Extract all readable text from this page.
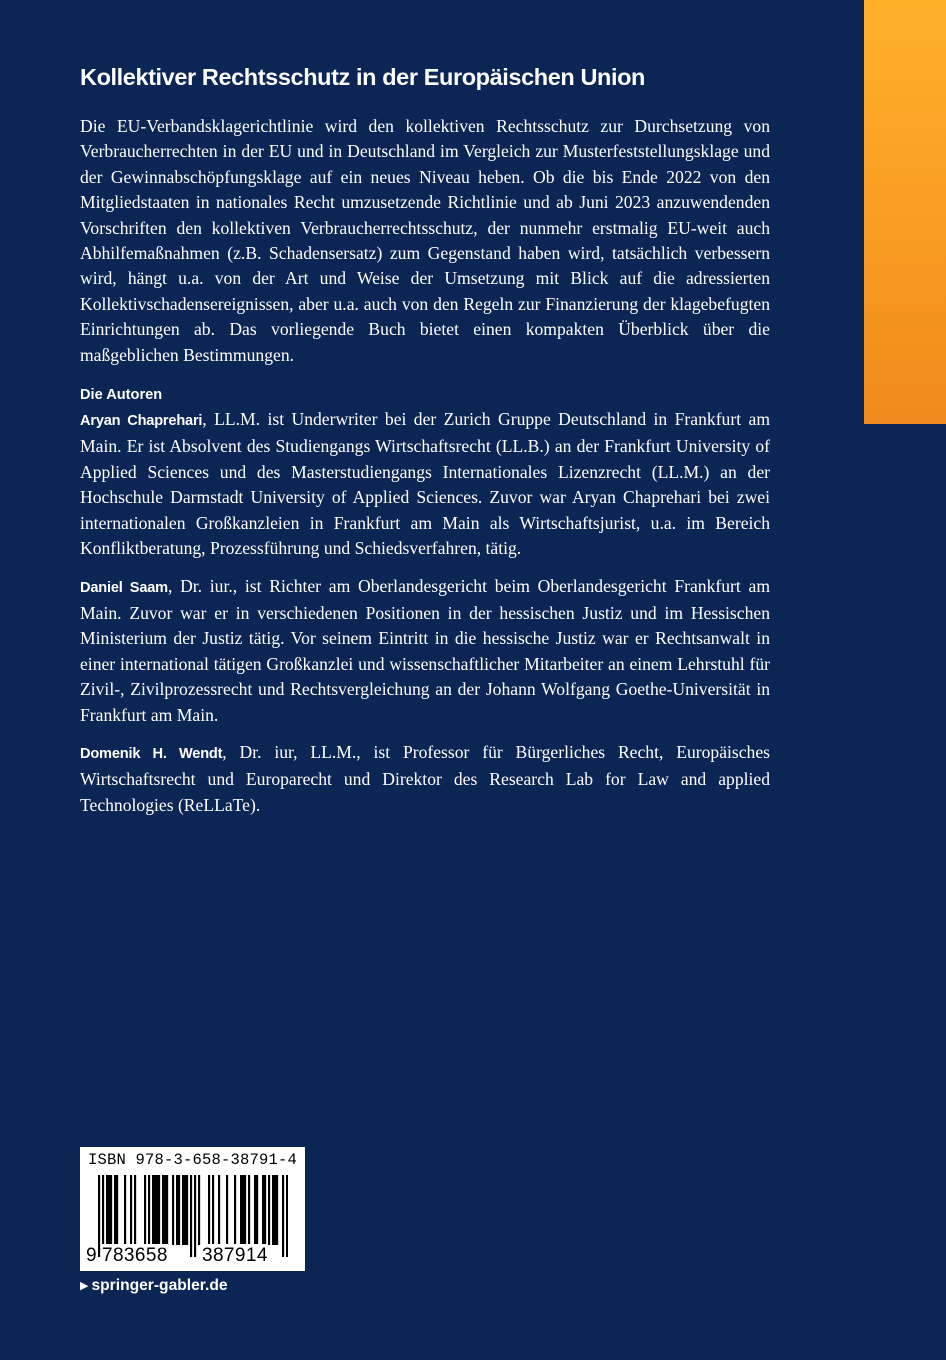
Kollektiver Rechtsschutz in der Europäischen Union

Die EU-Verbandsklagerichtlinie wird den kollektiven Rechtsschutz zur Durchsetzung von Verbraucherrechten in der EU und in Deutschland im Vergleich zur Musterfeststellungsklage und der Gewinnabschöpfungsklage auf ein neues Niveau heben. Ob die bis Ende 2022 von den Mitgliedstaaten in nationales Recht umzusetzende Richtlinie und ab Juni 2023 anzuwendenden Vorschriften den kollektiven Verbraucherrechtsschutz, der nunmehr erstmalig EU-weit auch Abhilfemaßnahmen (z.B. Schadensersatz) zum Gegenstand haben wird, tatsächlich verbessern wird, hängt u.a. von der Art und Weise der Umsetzung mit Blick auf die adressierten Kollektivschadensereignissen, aber u.a. auch von den Regeln zur Finanzierung der klagebefugten Einrichtungen ab. Das vorliegende Buch bietet einen kompakten Überblick über die maßgeblichen Bestimmungen.

Die Autoren

Aryan Chaprehari, LL.M. ist Underwriter bei der Zurich Gruppe Deutschland in Frankfurt am Main. Er ist Absolvent des Studiengangs Wirtschaftsrecht (LL.B.) an der Frankfurt University of Applied Sciences und des Masterstudiengangs Internationales Lizenzrecht (LL.M.) an der Hochschule Darmstadt University of Applied Sciences. Zuvor war Aryan Chaprehari bei zwei internationalen Großkanzleien in Frankfurt am Main als Wirtschaftsjurist, u.a. im Bereich Konfliktberatung, Prozessführung und Schiedsverfahren, tätig.

Daniel Saam, Dr. iur., ist Richter am Oberlandesgericht beim Oberlandesgericht Frankfurt am Main. Zuvor war er in verschiedenen Positionen in der hessischen Justiz und im Hessischen Ministerium der Justiz tätig. Vor seinem Eintritt in die hessische Justiz war er Rechtsanwalt in einer international tätigen Großkanzlei und wissenschaftlicher Mitarbeiter an einem Lehrstuhl für Zivil-, Zivilprozessrecht und Rechtsvergleichung an der Johann Wolfgang Goethe-Universität in Frankfurt am Main.

Domenik H. Wendt, Dr. iur, LL.M., ist Professor für Bürgerliches Recht, Europäisches Wirtschaftsrecht und Europarecht und Direktor des Research Lab for Law and applied Technologies (ReLLaTe).

ISBN 978-3-658-38791-4
9 783658 387914
▶ springer-gabler.de
